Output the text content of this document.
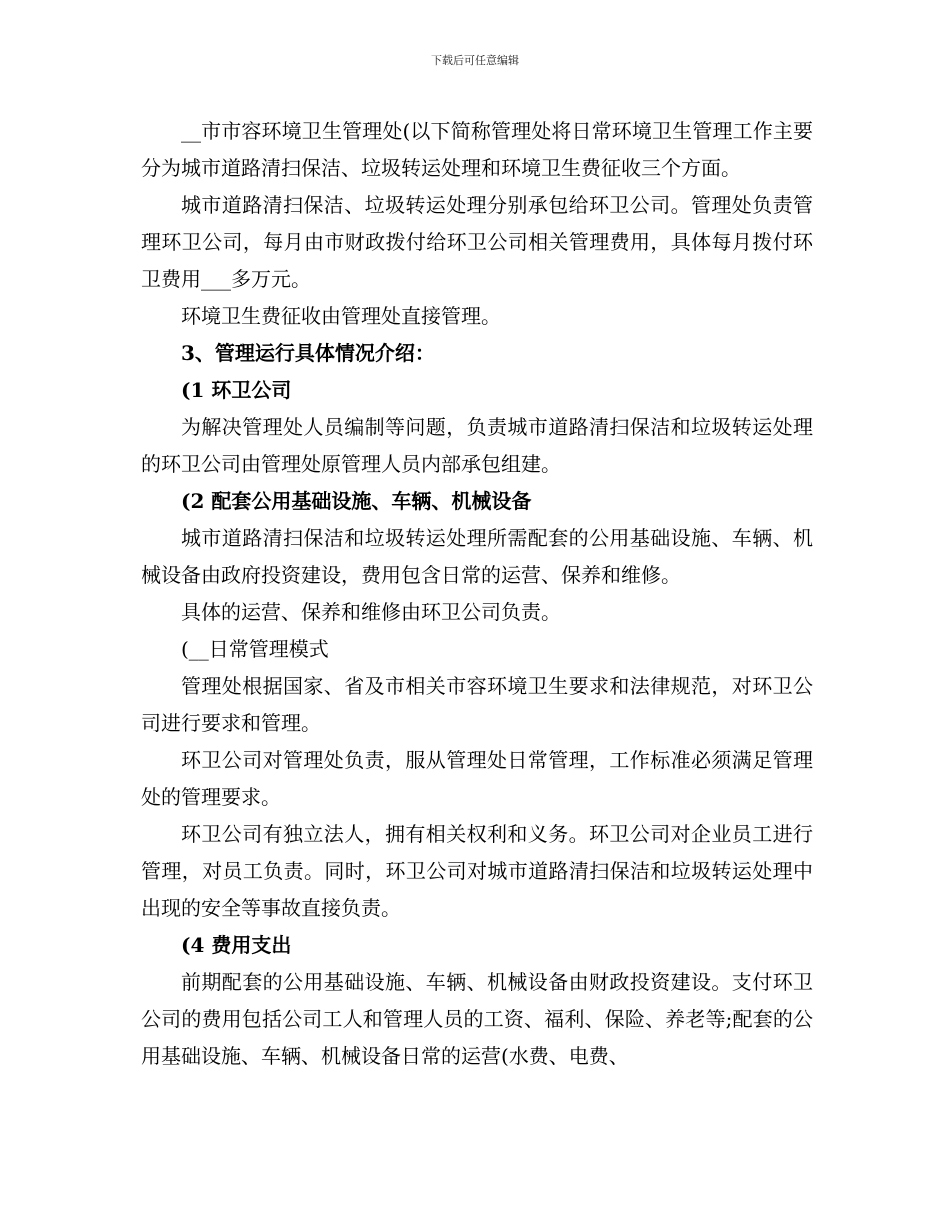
下载后可任意编辑

__市市容环境卫生管理处(以下简称管理处将日常环境卫生管理工作主要分为城市道路清扫保洁、垃圾转运处理和环境卫生费征收三个方面。

城市道路清扫保洁、垃圾转运处理分别承包给环卫公司。管理处负责管理环卫公司，每月由市财政拨付给环卫公司相关管理费用，具体每月拨付环卫费用___多万元。

环境卫生费征收由管理处直接管理。

3、管理运行具体情况介绍：

(1 环卫公司

为解决管理处人员编制等问题，负责城市道路清扫保洁和垃圾转运处理的环卫公司由管理处原管理人员内部承包组建。

(2 配套公用基础设施、车辆、机械设备

城市道路清扫保洁和垃圾转运处理所需配套的公用基础设施、车辆、机械设备由政府投资建设，费用包含日常的运营、保养和维修。

具体的运营、保养和维修由环卫公司负责。

(__日常管理模式

管理处根据国家、省及市相关市容环境卫生要求和法律规范，对环卫公司进行要求和管理。

环卫公司对管理处负责，服从管理处日常管理，工作标准必须满足管理处的管理要求。

环卫公司有独立法人，拥有相关权利和义务。环卫公司对企业员工进行管理，对员工负责。同时，环卫公司对城市道路清扫保洁和垃圾转运处理中出现的安全等事故直接负责。

(4 费用支出

前期配套的公用基础设施、车辆、机械设备由财政投资建设。支付环卫公司的费用包括公司工人和管理人员的工资、福利、保险、养老等;配套的公用基础设施、车辆、机械设备日常的运营(水费、电费、
